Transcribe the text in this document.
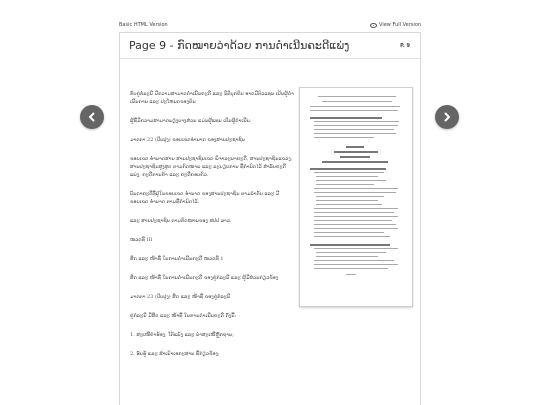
Basic HTML Version	View Full Version
Page 9 - ກົດໝາຍວ່າດ້ວຍ ການດໍາເນີນຄະດີແພ່ງ	P. 9

ກັບຄູ່ກໍລະນີ ມີຄວາມສາມາດດໍາເນີນຄະດີ ແລະ ນິຕິບຸກຄົນ ອາດມີຕົວແທນ ເປັນຜູ້ດໍາເນີນການ ແລະ ປະໂຫຍດຂອງຕົນ

ຜູ້ທີ່ມີຄວາມສາມາດພຽງບາງສ່ວນ ແມ່ນຜູ້ແທນ ເປັນຜູ້ດໍາເນີນ.

ມາດຕາ 22 (ປັບປຸງ) ຂອບເຂດອໍານາດ ຂອງສານປະຊາຊົນ

ຂອບເຂດ ອໍານາດສານ ສານປະຊາຊົນເຂດ ພິຈາລະນາຄະດີ, ສານປະຊາຊົນແຂວງ, ສານປະຊາຊົນສູງສຸດ ຕາມກົດໝາຍ ແລະ ລະບຽບການ ທີ່ກໍານົດໄວ້ ສໍາລັບຄະດີແພ່ງ, ຄະດີການຄ້າ ແລະ ຄະດີຄອບຄົວ.

ບັນດາຄະດີທີ່ຢູ່ໃນຂອບເຂດ ອໍານາດ ຂອງສານປະຊາຊົນ ຕາມລໍາດັບ ແລະ ມີຂອບເຂດ ອໍານາດ ຕາມທີ່ກໍານົດໄວ້.

ແລະ ສານປະຊາຊົນ ຕາມກົດໝາຍຂອງ ສປປ ລາວ.

ໝວດທີ III

ສິດ ແລະ ໜ້າທີ່ ໃນການດໍາເນີນຄະດີ ໝວດທີ 1

ສິດ ແລະ ໜ້າທີ່ ໃນການດໍາເນີນຄະດີ ຂອງຄູ່ກໍລະນີ ແລະ ຜູ້ມີສ່ວນກ່ຽວຂ້ອງ

ມາດຕາ 23 (ປັບປຸງ) ສິດ ແລະ ໜ້າທີ່ ຂອງຄູ່ກໍລະນີ

ຄູ່ກໍລະນີ ມີສິດ ແລະ ໜ້າທີ່ ໃນການດໍາເນີນຄະດີ ດັ່ງນີ້:

1. ສະເໜີຄໍາຮ້ອງ, ໂຕ້ແຍ້ງ ແລະ ນໍາສະເໜີຫຼັກຖານ;

2. ຮັບຮູ້ ແລະ ສໍາເນົາເອກະສານ ທີ່ກ່ຽວຂ້ອງ;
